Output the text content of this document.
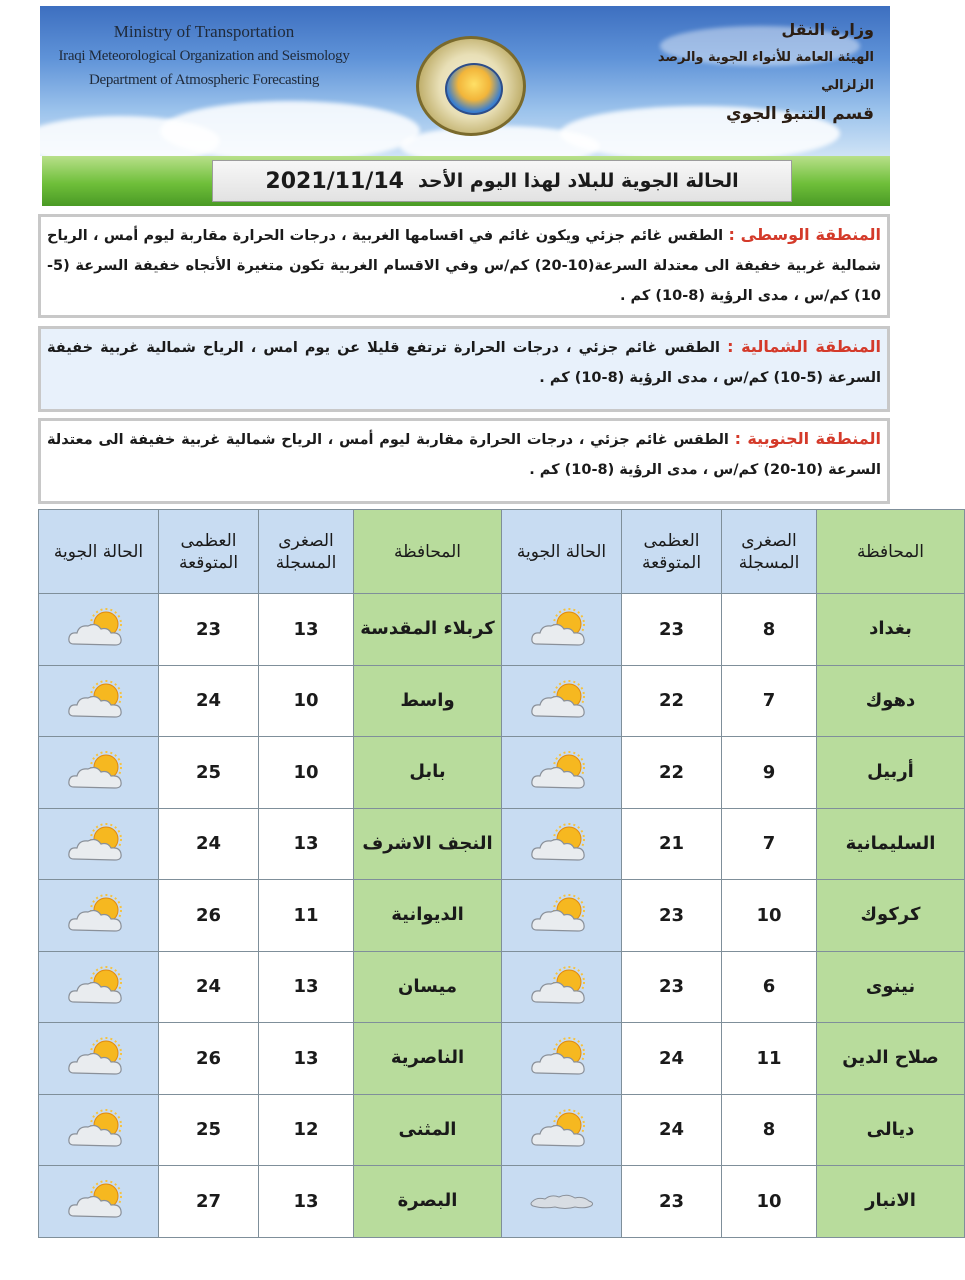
Ministry of Transportation
Iraqi Meteorological Organization and Seismology
Department of Atmospheric Forecasting
وزارة النقل
الهيئة العامة للأنواء الجوية والرصد الزلزالي
قسم التنبؤ الجوي
الحالة الجوية للبلاد لهذا اليوم الأحد
2021/11/14
المنطقة الوسطى : الطقس غائم جزئي ويكون غائم في اقسامها الغربية ، درجات الحرارة مقاربة ليوم أمس ، الرياح شمالية غربية خفيفة الى معتدلة السرعة(10-20) كم/س وفي الاقسام الغربية تكون متغيرة الأتجاه خفيفة السرعة (5-10) كم/س ، مدى الرؤية (8-10) كم .
المنطقة الشمالية : الطقس غائم جزئي ، درجات الحرارة ترتفع قليلا عن يوم امس ، الرياح شمالية غربية خفيفة السرعة (5-10) كم/س ، مدى الرؤية (8-10) كم .
المنطقة الجنوبية : الطقس غائم جزئي ، درجات الحرارة مقاربة ليوم أمس ، الرياح شمالية غربية خفيفة الى معتدلة السرعة (10-20) كم/س ، مدى الرؤية (8-10) كم .
المحافظة	الصغرى المسجلة	العظمى المتوقعة	الحالة الجوية	المحافظة	الصغرى المسجلة	العظمى المتوقعة	الحالة الجوية
بغداد	8	23		كربلاء المقدسة	13	23	
دهوك	7	22		واسط	10	24	
أربيل	9	22		بابل	10	25	
السليمانية	7	21		النجف الاشرف	13	24	
كركوك	10	23		الديوانية	11	26	
نينوى	6	23		ميسان	13	24	
صلاح الدين	11	24		الناصرية	13	26	
ديالى	8	24		المثنى	12	25	
الانبار	10	23		البصرة	13	27	
